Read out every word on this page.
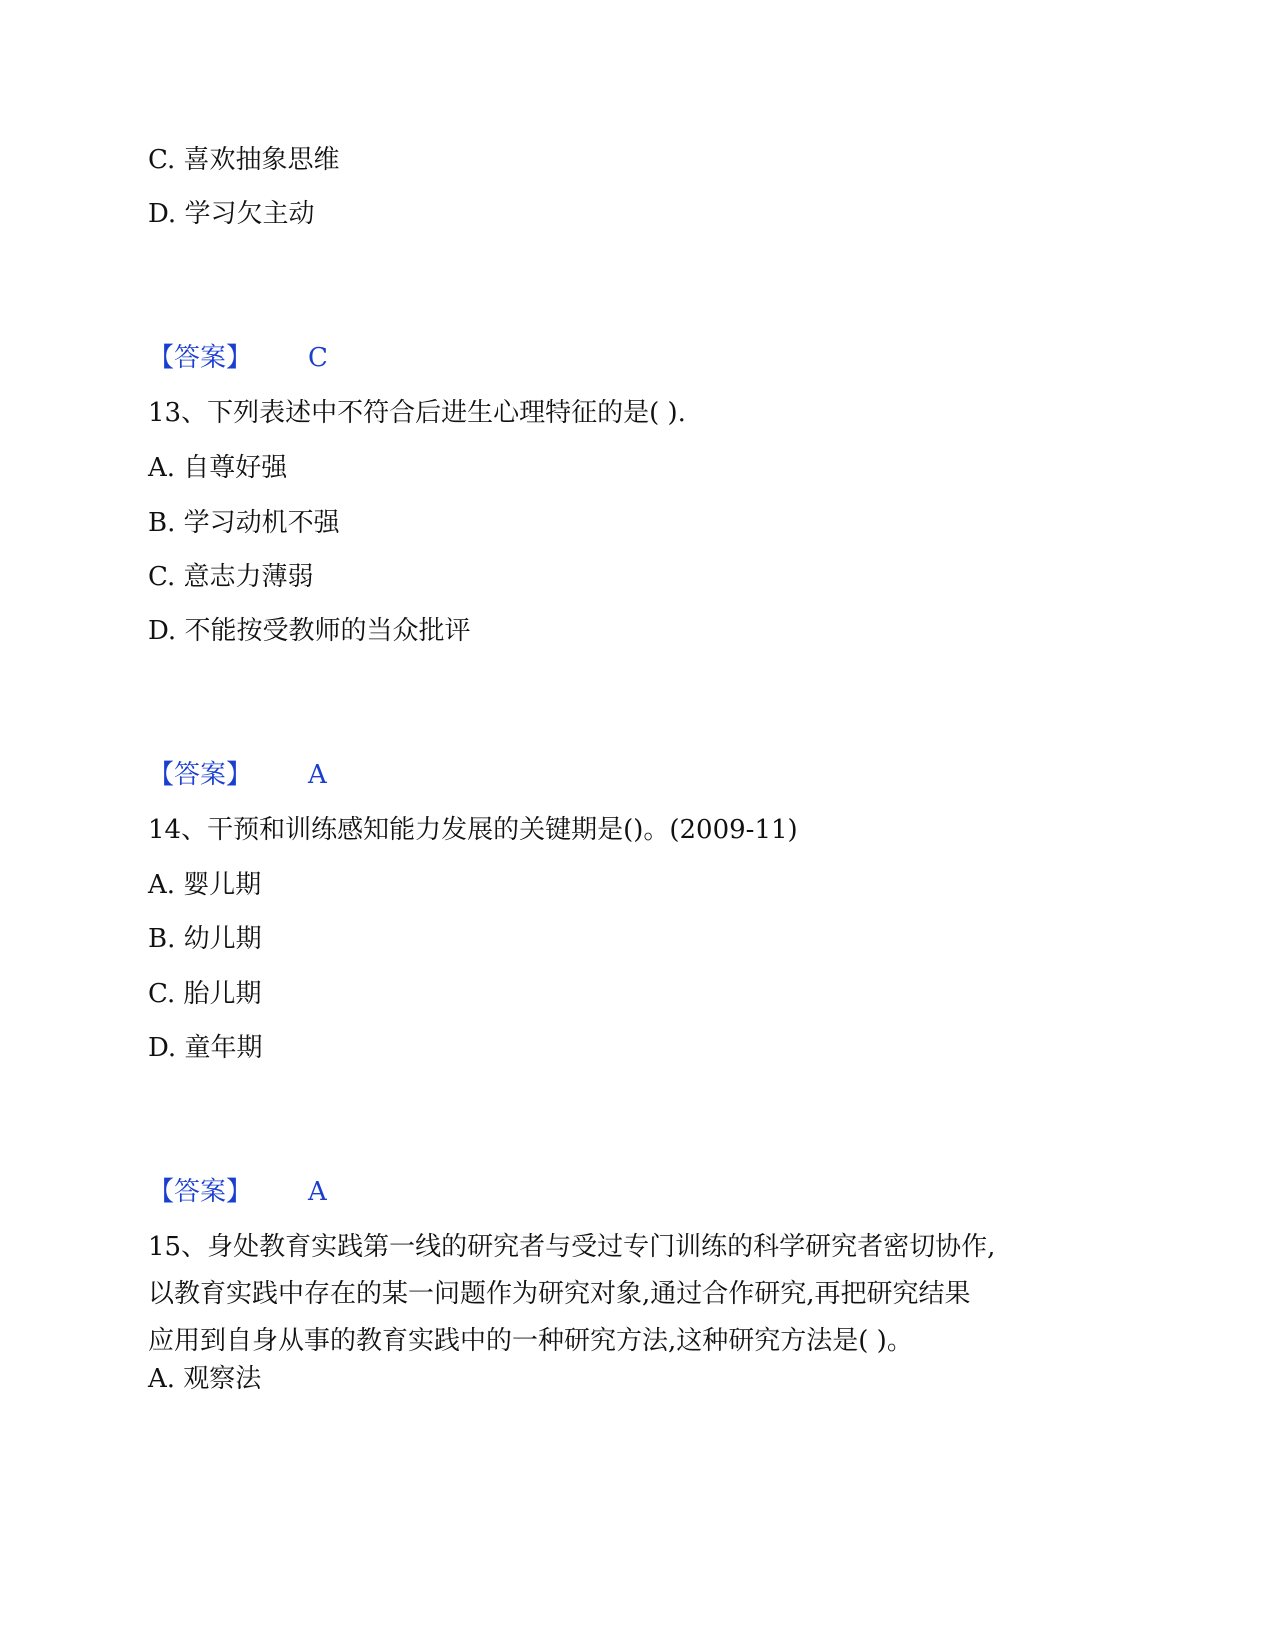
C. 喜欢抽象思维
D. 学习欠主动
【答案】 C
13、下列表述中不符合后进生心理特征的是( ).
A. 自尊好强
B. 学习动机不强
C. 意志力薄弱
D. 不能按受教师的当众批评
【答案】 A
14、干预和训练感知能力发展的关键期是()。(2009-11)
A. 婴儿期
B. 幼儿期
C. 胎儿期
D. 童年期
【答案】 A
15、身处教育实践第一线的研究者与受过专门训练的科学研究者密切协作,
以教育实践中存在的某一问题作为研究对象,通过合作研究,再把研究结果
应用到自身从事的教育实践中的一种研究方法,这种研究方法是( )。
A. 观察法
